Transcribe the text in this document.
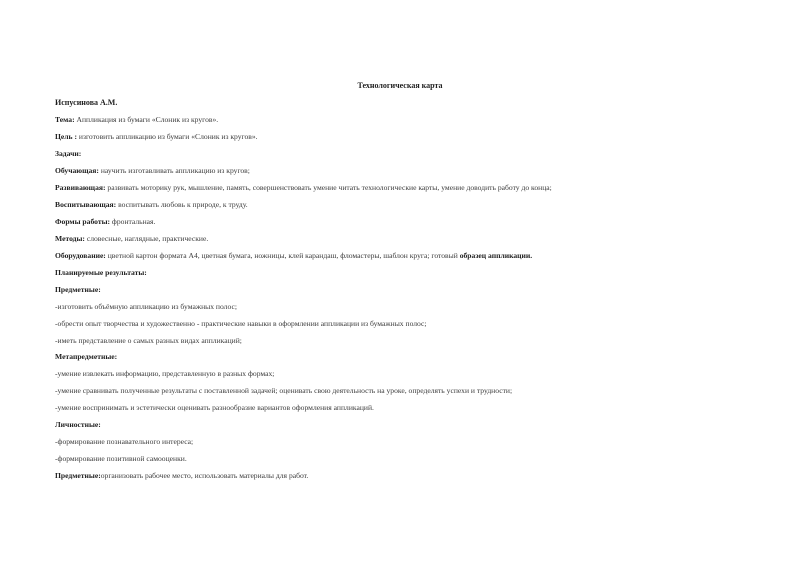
Технологическая карта
Испусинова А.М.
Тема: Аппликация из бумаги «Слоник из кругов».
Цель : изготовить аппликацию из бумаги «Слоник из кругов».
Задачи:
Обучающая: научить изготавливать аппликацию из кругов;
Развивающая: развивать моторику рук, мышление, память, совершенствовать умение читать технологические карты, умение доводить работу до конца;
Воспитывающая: воспитывать любовь к природе, к труду.
Формы работы: фронтальная.
Методы: словесные, наглядные, практические.
Оборудование: цветной картон формата А4, цветная бумага, ножницы, клей карандаш, фломастеры, шаблон круга; готовый образец аппликации.
Планируемые результаты:
Предметные:
-изготовить объёмную аппликацию из бумажных полос;
-обрести опыт творчества и художественно - практические навыки в оформлении аппликации из бумажных полос;
-иметь представление о самых разных видах аппликаций;
Метапредметные:
-умение извлекать информацию, представленную в разных формах;
-умение сравнивать полученные результаты с поставленной задачей; оценивать свою деятельность на уроке, определять успехи и трудности;
-умение воспринимать и эстетически оценивать разнообразие вариантов оформления аппликаций.
Личностные:
-формирование познавательного интереса;
-формирование позитивной самооценки.
Предметные:организовать рабочее место, использовать материалы для работ.
